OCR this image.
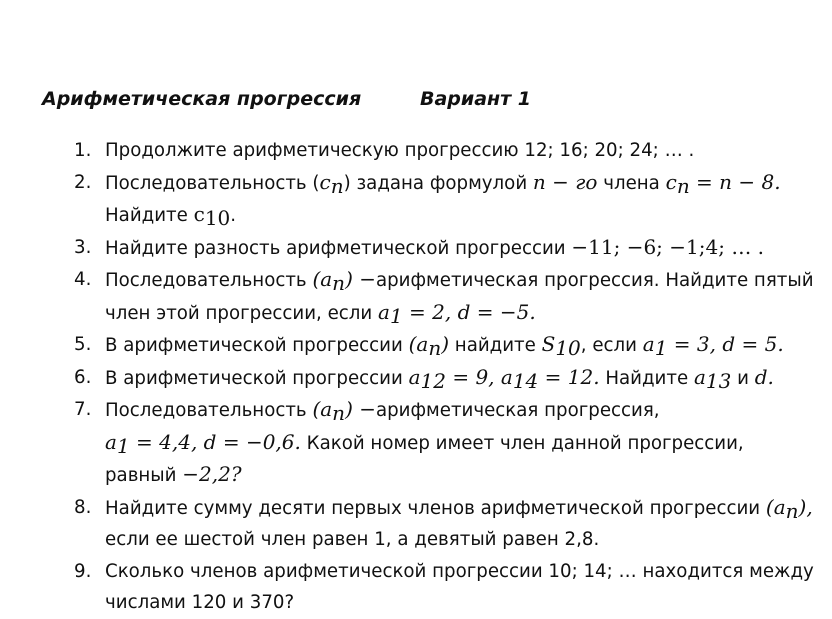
Арифметическая прогрессия	Вариант 1
1. Продолжите арифметическую прогрессию 12; 16; 20; 24; … .
2. Последовательность $(c_n)$ задана формулой n − го члена $c_n = n - 8$.
Найдите $c_{10}$.
3. Найдите разность арифметической прогрессии −11; −6; −1;4; … .
4. Последовательность $(a_n)$ −арифметическая прогрессия. Найдите пятый член этой прогрессии, если $a_1 = 2$, d = −5.
5. В арифметической прогрессии $(a_n)$ найдите $S_{10}$, если $a_1 = 3$, d = 5.
6. В арифметической прогрессии $a_{12} = 9$, $a_{14} = 12$. Найдите $a_{13}$ и d.
7. Последовательность $(a_n)$ −арифметическая прогрессия,
$a_1 = 4,4$, d = −0,6. Какой номер имеет член данной прогрессии, равный −2,2?
8. Найдите сумму десяти первых членов арифметической прогрессии $(a_n)$, если ее шестой член равен 1, а девятый равен 2,8.
9. Сколько членов арифметической прогрессии 10; 14; … находится между числами 120 и 370?
